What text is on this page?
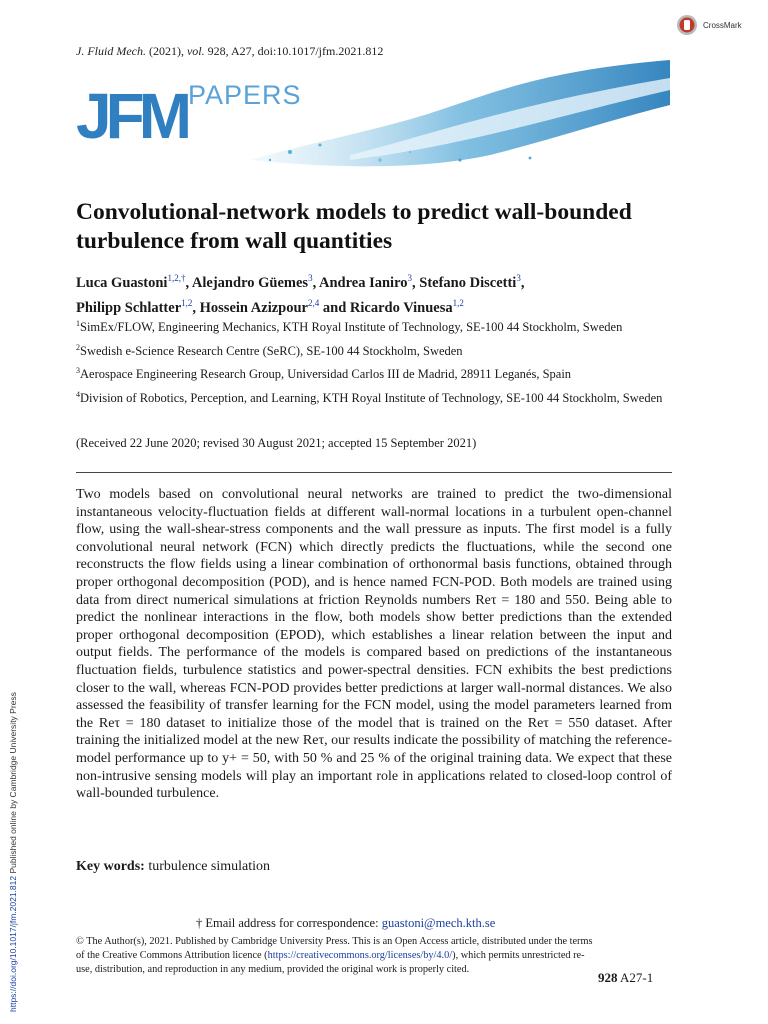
J. Fluid Mech. (2021), vol. 928, A27, doi:10.1017/jfm.2021.812
CrossMark
JFM PAPERS
Convolutional-network models to predict wall-bounded turbulence from wall quantities
Luca Guastoni$^{1,2,\dagger}$, Alejandro Güemes$^3$, Andrea Ianiro$^3$, Stefano Discetti$^3$,
Philipp Schlatter$^{1,2}$, Hossein Azizpour$^{2,4}$ and Ricardo Vinuesa$^{1,2}$
$^1$SimEx/FLOW, Engineering Mechanics, KTH Royal Institute of Technology, SE-100 44 Stockholm, Sweden
$^2$Swedish e-Science Research Centre (SeRC), SE-100 44 Stockholm, Sweden
$^3$Aerospace Engineering Research Group, Universidad Carlos III de Madrid, 28911 Leganés, Spain
$^4$Division of Robotics, Perception, and Learning, KTH Royal Institute of Technology, SE-100 44 Stockholm, Sweden
(Received 22 June 2020; revised 30 August 2021; accepted 15 September 2021)
Two models based on convolutional neural networks are trained to predict the two-dimensional instantaneous velocity-fluctuation fields at different wall-normal locations in a turbulent open-channel flow, using the wall-shear-stress components and the wall pressure as inputs. The first model is a fully convolutional neural network (FCN) which directly predicts the fluctuations, while the second one reconstructs the flow fields using a linear combination of orthonormal basis functions, obtained through proper orthogonal decomposition (POD), and is hence named FCN-POD. Both models are trained using data from direct numerical simulations at friction Reynolds numbers Reτ = 180 and 550. Being able to predict the nonlinear interactions in the flow, both models show better predictions than the extended proper orthogonal decomposition (EPOD), which establishes a linear relation between the input and output fields. The performance of the models is compared based on predictions of the instantaneous fluctuation fields, turbulence statistics and power-spectral densities. FCN exhibits the best predictions closer to the wall, whereas FCN-POD provides better predictions at larger wall-normal distances. We also assessed the feasibility of transfer learning for the FCN model, using the model parameters learned from the Reτ = 180 dataset to initialize those of the model that is trained on the Reτ = 550 dataset. After training the initialized model at the new Reτ, our results indicate the possibility of matching the reference-model performance up to y+ = 50, with 50 % and 25 % of the original training data. We expect that these non-intrusive sensing models will play an important role in applications related to closed-loop control of wall-bounded turbulence.
Key words: turbulence simulation
† Email address for correspondence: guastoni@mech.kth.se
© The Author(s), 2021. Published by Cambridge University Press. This is an Open Access article, distributed under the terms of the Creative Commons Attribution licence (https://creativecommons.org/licenses/by/4.0/), which permits unrestricted re-use, distribution, and reproduction in any medium, provided the original work is properly cited.
928 A27-1
https://doi.org/10.1017/jfm.2021.812 Published online by Cambridge University Press
